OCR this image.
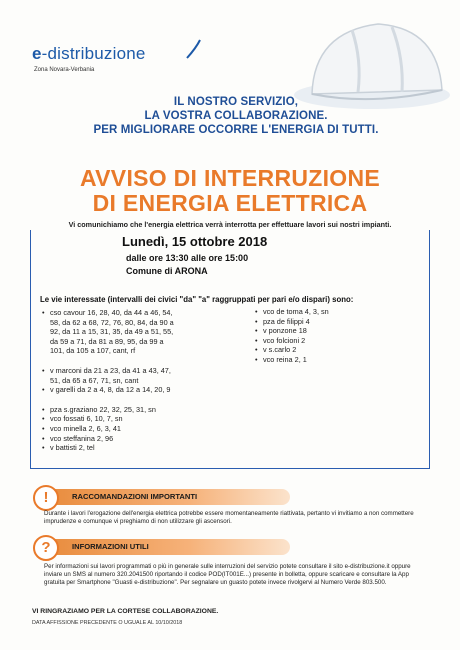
e-distribuzione
Zona Novara-Verbania
IL NOSTRO SERVIZIO,
LA VOSTRA COLLABORAZIONE.
PER MIGLIORARE OCCORRE L'ENERGIA DI TUTTI.
AVVISO DI INTERRUZIONE
DI ENERGIA ELETTRICA
Vi comunichiamo che l'energia elettrica verrà interrotta per effettuare lavori sui nostri impianti.
Lunedì, 15 ottobre 2018
dalle ore 13:30 alle ore 15:00
Comune di ARONA
Le vie interessate (intervalli dei civici "da" "a" raggruppati per pari e/o dispari) sono:
• cso cavour 16, 28, 40, da 44 a 46, 54,
58, da 62 a 68, 72, 76, 80, 84, da 90 a
92, da 11 a 15, 31, 35, da 49 a 51, 55,
da 59 a 71, da 81 a 89, 95, da 99 a
101, da 105 a 107, cant, rf
• v marconi da 21 a 23, da 41 a 43, 47,
51, da 65 a 67, 71, sn, cant
• v garelli da 2 a 4, 8, da 12 a 14, 20, 9
• pza s.graziano 22, 32, 25, 31, sn
• vco fossati 6, 10, 7, sn
• vco minella 2, 6, 3, 41
• vco steffanina 2, 96
• v battisti 2, tel
• vco de toma 4, 3, sn
• pza de filippi 4
• v ponzone 18
• vco folcioni 2
• v s.carlo 2
• vco reina 2, 1
RACCOMANDAZIONI IMPORTANTI
!
Durante i lavori l'erogazione dell'energia elettrica potrebbe essere momentaneamente riattivata, pertanto vi invitiamo a non commettere imprudenze e comunque vi preghiamo di non utilizzare gli ascensori.
INFORMAZIONI UTILI
?
Per informazioni sui lavori programmati o più in generale sulle interruzioni del servizio potete consultare il sito e-distribuzione.it oppure inviare un SMS al numero 320.2041500 riportando il codice POD(IT001E...) presente in bolletta, oppure scaricare e consultare la App gratuita per Smartphone "Guasti e-distribuzione". Per segnalare un guasto potete invece rivolgervi al Numero Verde 803.500.
VI RINGRAZIAMO PER LA CORTESE COLLABORAZIONE.
DATA AFFISSIONE PRECEDENTE O UGUALE AL 10/10/2018
